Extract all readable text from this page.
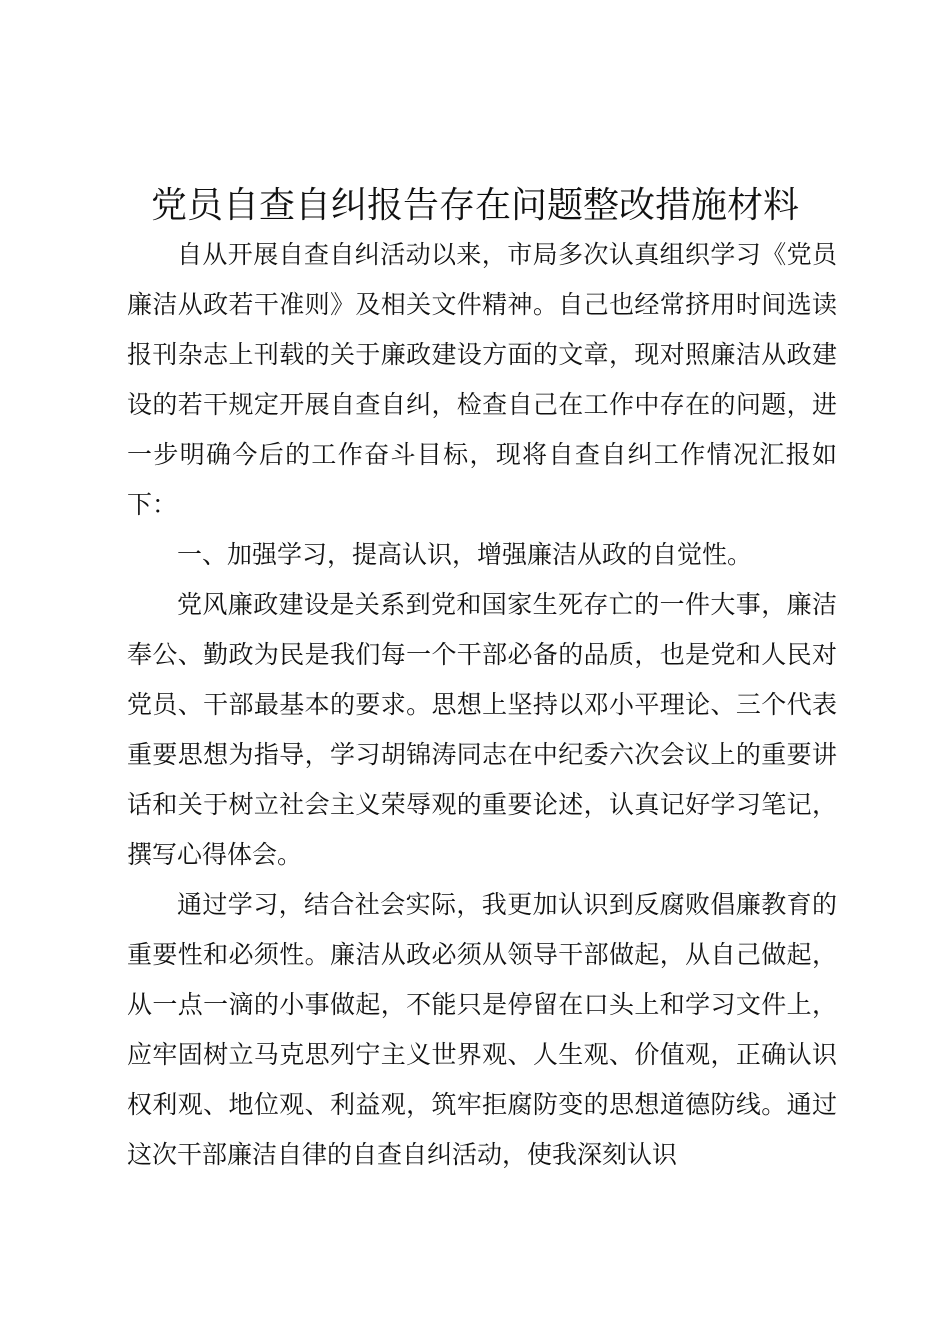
党员自查自纠报告存在问题整改措施材料

自从开展自查自纠活动以来，市局多次认真组织学习《党员廉洁从政若干准则》及相关文件精神。自己也经常挤用时间选读报刊杂志上刊载的关于廉政建设方面的文章，现对照廉洁从政建设的若干规定开展自查自纠，检查自己在工作中存在的问题，进一步明确今后的工作奋斗目标，现将自查自纠工作情况汇报如下：

一、加强学习，提高认识，增强廉洁从政的自觉性。

党风廉政建设是关系到党和国家生死存亡的一件大事，廉洁奉公、勤政为民是我们每一个干部必备的品质，也是党和人民对党员、干部最基本的要求。思想上坚持以邓小平理论、三个代表重要思想为指导，学习胡锦涛同志在中纪委六次会议上的重要讲话和关于树立社会主义荣辱观的重要论述，认真记好学习笔记，撰写心得体会。

通过学习，结合社会实际，我更加认识到反腐败倡廉教育的重要性和必须性。廉洁从政必须从领导干部做起，从自己做起，从一点一滴的小事做起，不能只是停留在口头上和学习文件上，应牢固树立马克思列宁主义世界观、人生观、价值观，正确认识权利观、地位观、利益观，筑牢拒腐防变的思想道德防线。通过这次干部廉洁自律的自查自纠活动，使我深刻认识
